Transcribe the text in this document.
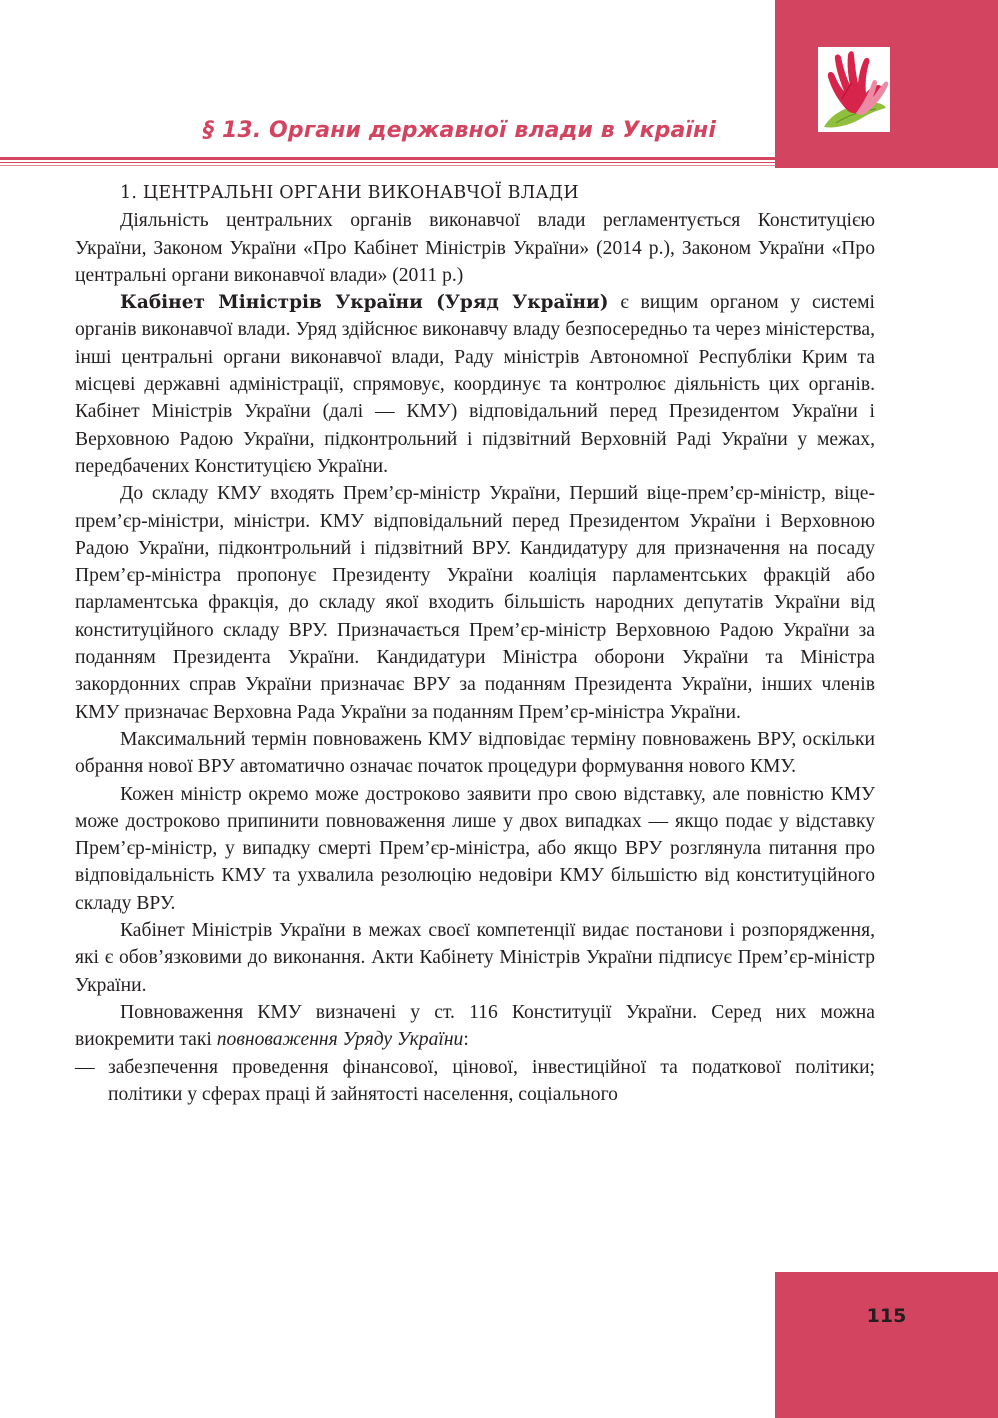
§ 13. Органи державної влади в Україні
1. ЦЕНТРАЛЬНІ ОРГАНИ ВИКОНАВЧОЇ ВЛАДИ

Діяльність центральних органів виконавчої влади регламентується Конституцією України, Законом України «Про Кабінет Міністрів України» (2014 р.), Законом України «Про центральні органи виконавчої влади» (2011 р.)

Кабінет Міністрів України (Уряд України) є вищим органом у системі органів виконавчої влади. Уряд здійснює виконавчу владу безпосередньо та через міністерства, інші центральні органи виконавчої влади, Раду міністрів Автономної Республіки Крим та місцеві державні адміністрації, спрямовує, координує та контролює діяльність цих органів. Кабінет Міністрів України (далі — КМУ) відповідальний перед Президентом України і Верховною Радою України, підконтрольний і підзвітний Верховній Раді України у межах, передбачених Конституцією України.

До складу КМУ входять Прем’єр-міністр України, Перший віце-прем’єр-міністр, віце-прем’єр-міністри, міністри. КМУ відповідальний перед Президентом України і Верховною Радою України, підконтрольний і підзвітний ВРУ. Кандидатуру для призначення на посаду Прем’єр-міністра пропонує Президенту України коаліція парламентських фракцій або парламентська фракція, до складу якої входить більшість народних депутатів України від конституційного складу ВРУ. Призначається Прем’єр-міністр Верховною Радою України за поданням Президента України. Кандидатури Міністра оборони України та Міністра закордонних справ України призначає ВРУ за поданням Президента України, інших членів КМУ призначає Верховна Рада України за поданням Прем’єр-міністра України.

Максимальний термін повноважень КМУ відповідає терміну повноважень ВРУ, оскільки обрання нової ВРУ автоматично означає початок процедури формування нового КМУ.

Кожен міністр окремо може достроково заявити про свою відставку, але повністю КМУ може достроково припинити повноваження лише у двох випадках — якщо подає у відставку Прем’єр-міністр, у випадку смерті Прем’єр-міністра, або якщо ВРУ розглянула питання про відповідальність КМУ та ухвалила резолюцію недовіри КМУ більшістю від конституційного складу ВРУ.

Кабінет Міністрів України в межах своєї компетенції видає постанови і розпорядження, які є обов’язковими до виконання. Акти Кабінету Міністрів України підписує Прем’єр-міністр України.

Повноваження КМУ визначені у ст. 116 Конституції України. Серед них можна виокремити такі повноваження Уряду України:

— забезпечення проведення фінансової, цінової, інвестиційної та податкової політики; політики у сферах праці й зайнятості населення, соціального
115
